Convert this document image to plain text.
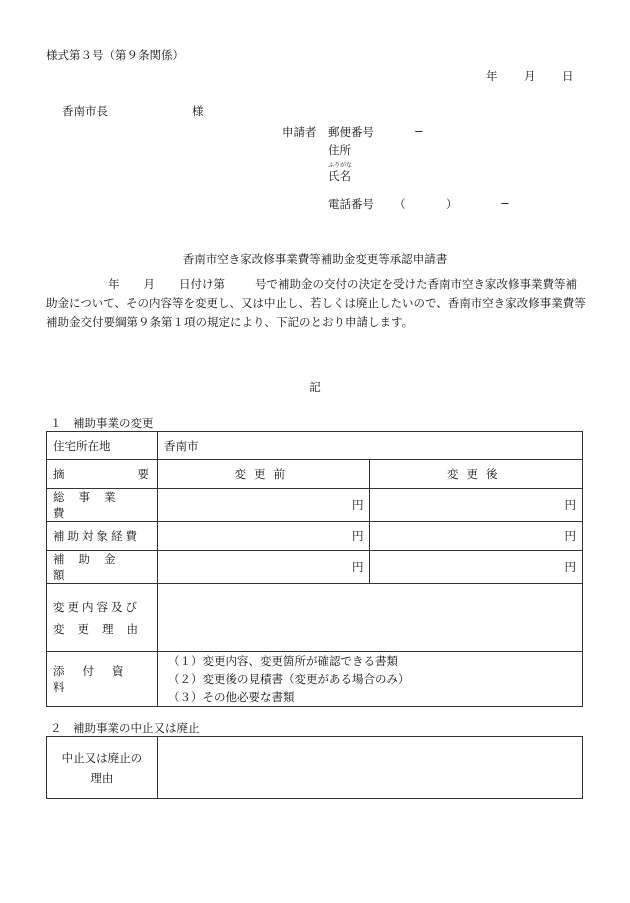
様式第３号（第９条関係）
年 月 日
香南市長	様
申請者 郵便番号	−
住所
ふりがな
氏名
電話番号 （	）	−
香南市空き家改修事業費等補助金変更等承認申請書
年 月 日付け第	号で補助金の交付の決定を受けた香南市空き家改修事業費等補助金について、その内容等を変更し、又は中止し、若しくは廃止したいので、香南市空き家改修事業費等補助金交付要綱第９条第１項の規定により、下記のとおり申請します。
記
１　補助事業の変更
住宅所在地	香南市	

摘 要	変更前	変更後

総事業費	円	円

補助対象経費	円	円

補助金額	円	円

変更内容及び
変更理由		

添付資料	（１）変更内容、変更箇所が確認できる書類
（２）変更後の見積書（変更がある場合のみ）
（３）その他必要な書類	
２　補助事業の中止又は廃止
中止又は廃止の
理由
